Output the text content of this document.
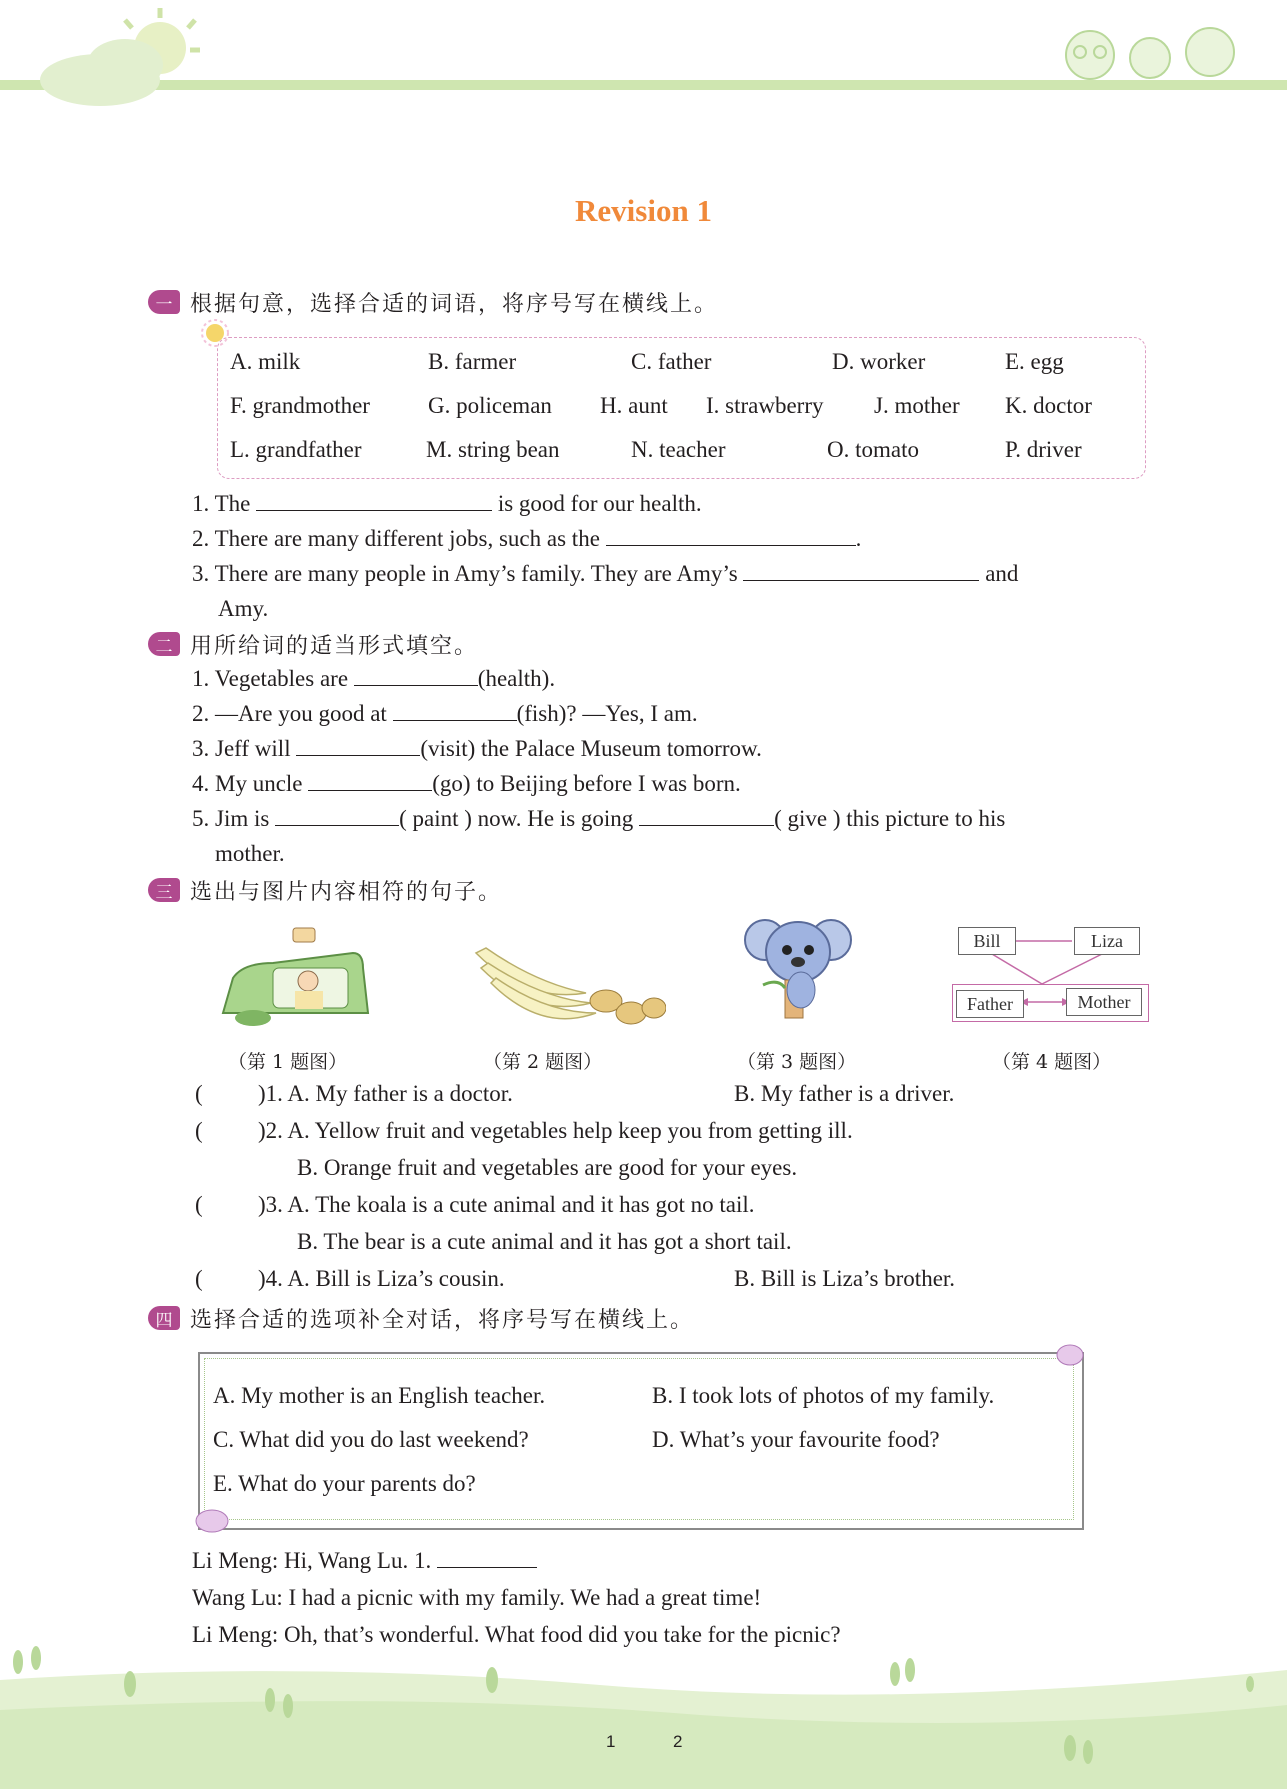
Revision 1
一 根据句意，选择合适的词语，将序号写在横线上。
A. milk	B. farmer	C. father	D. worker	E. egg
F. grandmother	G. policeman H. aunt I. strawberry J. mother K. doctor
L. grandfather	M. string bean	N. teacher	O. tomato	P. driver
1. The	is good for our health.
2. There are many different jobs, such as the	.
3. There are many people in Amy’s family. They are Amy’s	and
Amy.
二 用所给词的适当形式填空。
1. Vegetables are	(health).
2. —Are you good at	(fish)? —Yes, I am.
3. Jeff will	(visit) the Palace Museum tomorrow.
4. My uncle	(go) to Beijing before I was born.
5. Jim is	( paint ) now. He is going	( give ) this picture to his
mother.
三 选出与图片内容相符的句子。
Bill	Liza
Father	Mother
（第 1 题图）	（第 2 题图）	（第 3 题图）	（第 4 题图）
( )1. A. My father is a doctor.	B. My father is a driver.
( )2. A. Yellow fruit and vegetables help keep you from getting ill.
B. Orange fruit and vegetables are good for your eyes.
( )3. A. The koala is a cute animal and it has got no tail.
B. The bear is a cute animal and it has got a short tail.
( )4. A. Bill is Liza’s cousin.	B. Bill is Liza’s brother.
四 选择合适的选项补全对话，将序号写在横线上。
A. My mother is an English teacher.	B. I took lots of photos of my family.
C. What did you do last weekend?	D. What’s your favourite food?
E. What do your parents do?
Li Meng: Hi, Wang Lu. 1.
Wang Lu: I had a picnic with my family. We had a great time!
Li Meng: Oh, that’s wonderful. What food did you take for the picnic?
1	2
